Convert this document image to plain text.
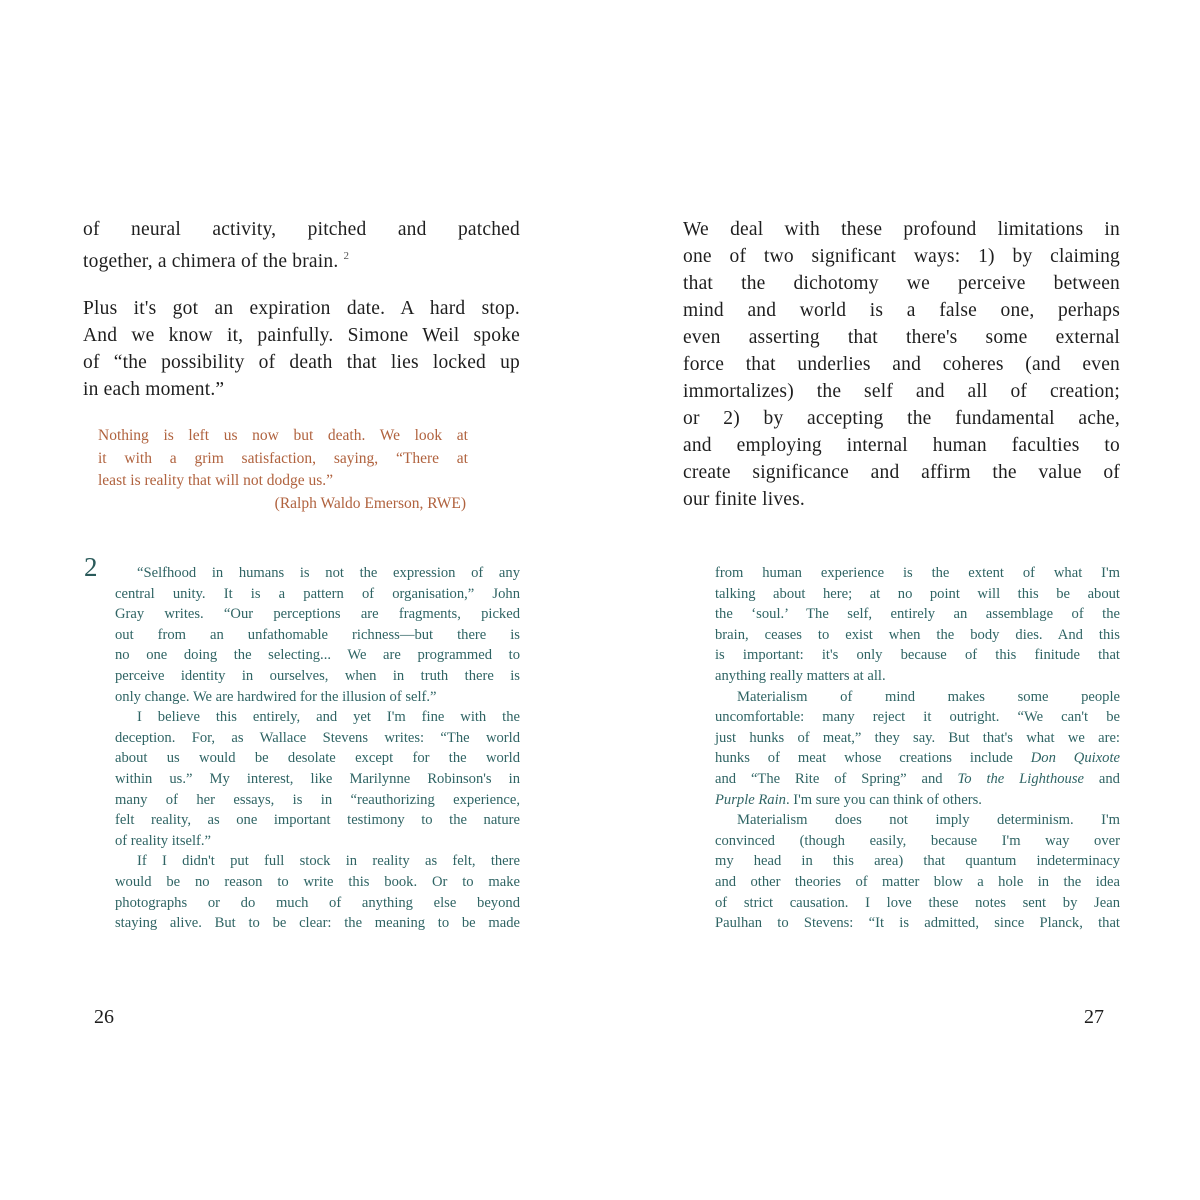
of neural activity, pitched and patched
together, a chimera of the brain. $^2$

Plus it's got an expiration date. A hard stop.
And we know it, painfully. Simone Weil spoke
of “the possibility of death that lies locked up
in each moment.”

Nothing is left us now but death. We look at
it with a grim satisfaction, saying, “There at
least is reality that will not dodge us.”
(Ralph Waldo Emerson, RWE)
2	“Selfhood in humans is not the expression of any
central unity. It is a pattern of organisation,” John
Gray writes. “Our perceptions are fragments, picked
out from an unfathomable richness—but there is
no one doing the selecting... We are programmed to
perceive identity in ourselves, when in truth there is
only change. We are hardwired for the illusion of self.”
I believe this entirely, and yet I'm fine with the
deception. For, as Wallace Stevens writes: “The world
about us would be desolate except for the world
within us.” My interest, like Marilynne Robinson's in
many of her essays, is in “reauthorizing experience,
felt reality, as one important testimony to the nature
of reality itself.”
If I didn't put full stock in reality as felt, there
would be no reason to write this book. Or to make
photographs or do much of anything else beyond
staying alive. But to be clear: the meaning to be made
26

We deal with these profound limitations in
one of two significant ways: 1) by claiming
that the dichotomy we perceive between
mind and world is a false one, perhaps
even asserting that there's some external
force that underlies and coheres (and even
immortalizes) the self and all of creation;
or 2) by accepting the fundamental ache,
and employing internal human faculties to
create significance and affirm the value of
our finite lives.

from human experience is the extent of what I'm
talking about here; at no point will this be about
the ‘soul.’ The self, entirely an assemblage of the
brain, ceases to exist when the body dies. And this
is important: it's only because of this finitude that
anything really matters at all.
Materialism of mind makes some people
uncomfortable: many reject it outright. “We can't be
just hunks of meat,” they say. But that's what we are:
hunks of meat whose creations include Don Quixote
and “The Rite of Spring” and To the Lighthouse and
Purple Rain. I'm sure you can think of others.
Materialism does not imply determinism. I'm
convinced (though easily, because I'm way over
my head in this area) that quantum indeterminacy
and other theories of matter blow a hole in the idea
of strict causation. I love these notes sent by Jean
Paulhan to Stevens: “It is admitted, since Planck, that
27
